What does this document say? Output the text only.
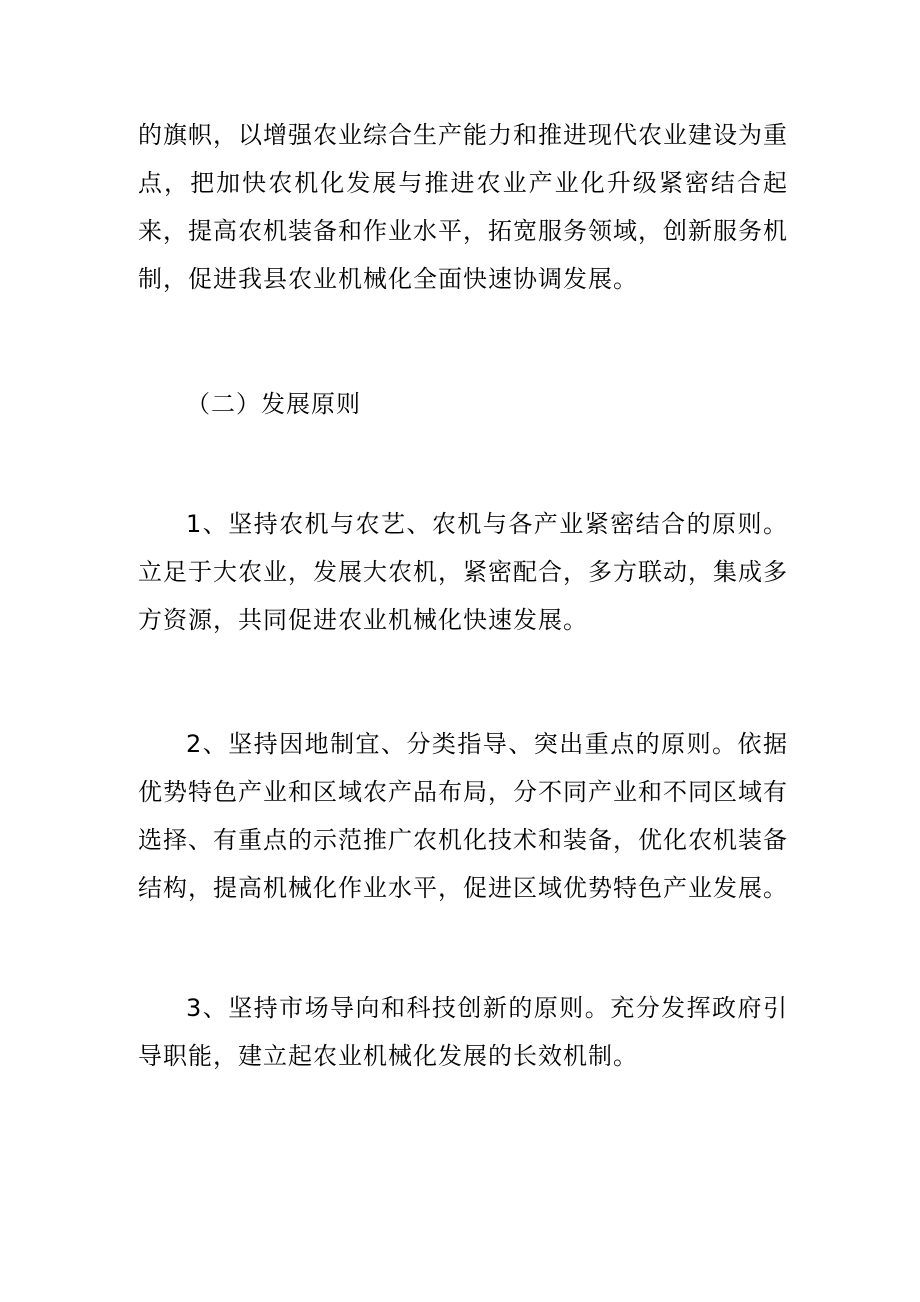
的旗帜，以增强农业综合生产能力和推进现代农业建设为重点，把加快农机化发展与推进农业产业化升级紧密结合起来，提高农机装备和作业水平，拓宽服务领域，创新服务机制，促进我县农业机械化全面快速协调发展。

（二）发展原则

1、坚持农机与农艺、农机与各产业紧密结合的原则。立足于大农业，发展大农机，紧密配合，多方联动，集成多方资源，共同促进农业机械化快速发展。

2、坚持因地制宜、分类指导、突出重点的原则。依据优势特色产业和区域农产品布局，分不同产业和不同区域有选择、有重点的示范推广农机化技术和装备，优化农机装备结构，提高机械化作业水平，促进区域优势特色产业发展。

3、坚持市场导向和科技创新的原则。充分发挥政府引导职能，建立起农业机械化发展的长效机制。
